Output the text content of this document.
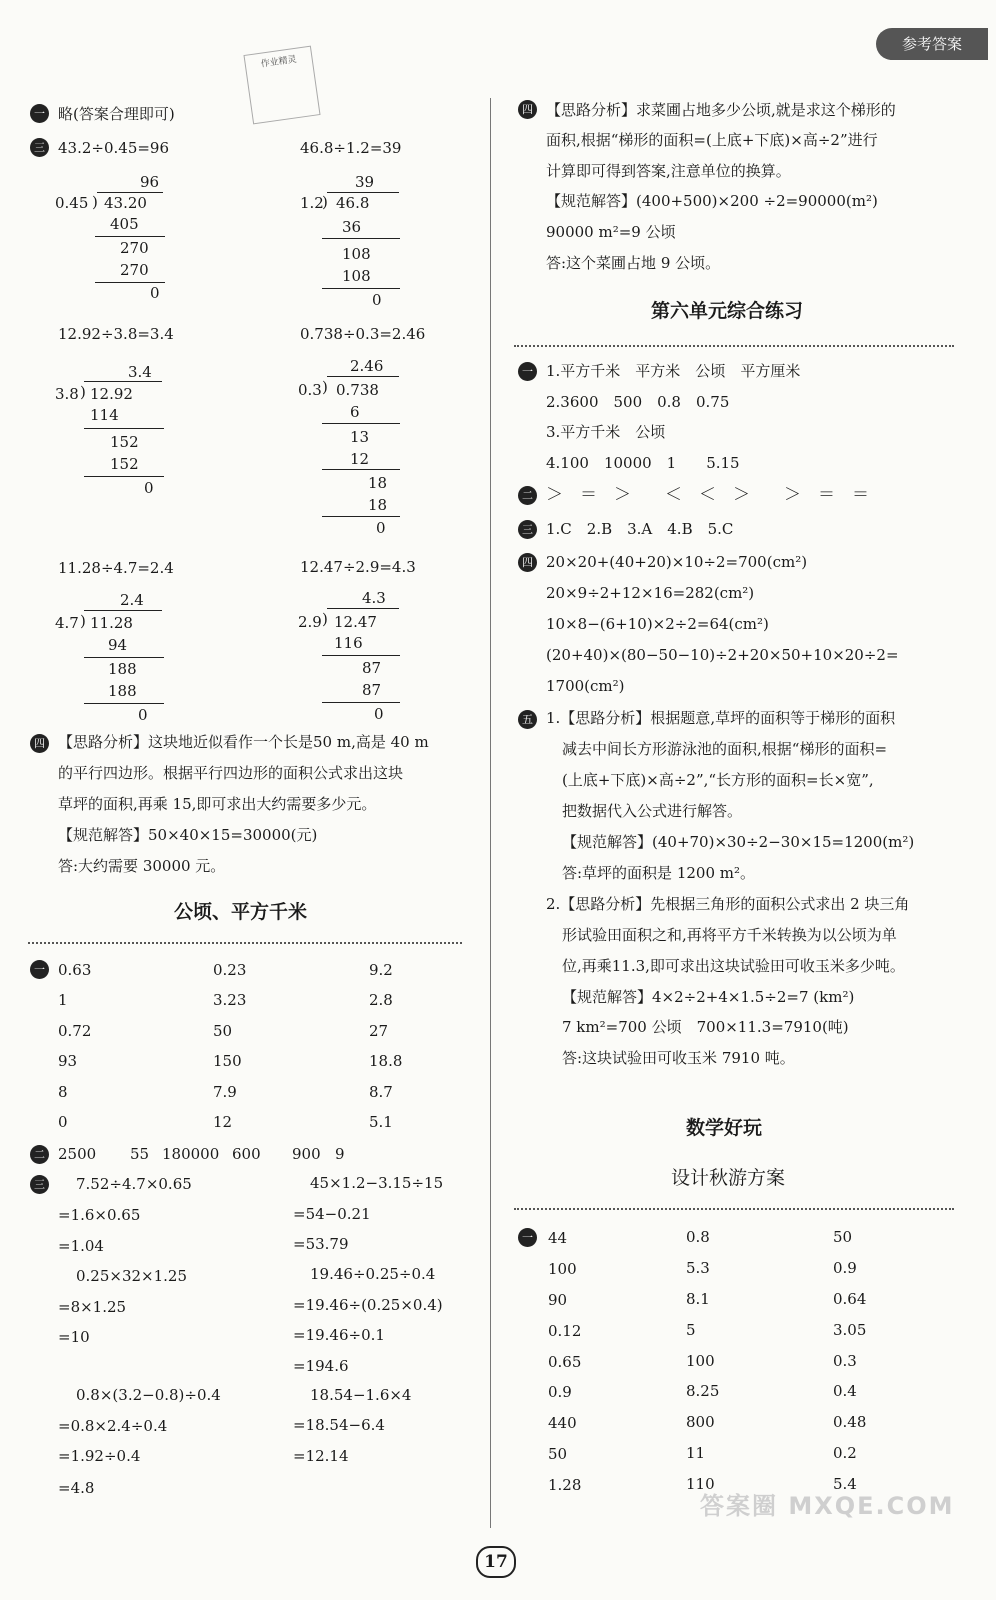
参考答案
作业精灵
一 略(答案合理即可)
三 43.2÷0.45=96	46.8÷1.2=39
96
0.45 ) 43.20
405
270
270
0
39
1.2
) 46.8
36
108
108
0
12.92÷3.8=3.4	0.738÷0.3=2.46
3.4
3.8 ) 12.92
114
152
152
0
2.46
0.3 ) 0.738
6
13
12
18
18
0
11.28÷4.7=2.4	12.47÷2.9=4.3
2.4
4.7 ) 11.28
94
188
188
0
4.3
2.9 ) 12.47
116
87
87
0
四 【思路分析】这块地近似看作一个长是50 m,高是 40 m
的平行四边形。根据平行四边形的面积公式求出这块
草坪的面积,再乘 15,即可求出大约需要多少元。
【规范解答】50×40×15=30000(元)
答:大约需要 30000 元。
公顷、平方千米
一 0.63	0.23	9.2
1	3.23	2.8
0.72	50	27
93	150	18.8
8	7.9	8.7
0	12	5.1
二 2500 55 180000 600 900 9
三 7.52÷4.7×0.65
=1.6×0.65
=1.04
0.25×32×1.25
=8×1.25
=10
0.8×(3.2−0.8)÷0.4
=0.8×2.4÷0.4
=1.92÷0.4
=4.8
45×1.2−3.15÷15
=54−0.21
=53.79
19.46÷0.25÷0.4
=19.46÷(0.25×0.4)
=19.46÷0.1
=194.6
18.54−1.6×4
=18.54−6.4
=12.14
四 【思路分析】求菜圃占地多少公顷,就是求这个梯形的
面积,根据“梯形的面积=(上底+下底)×高÷2”进行
计算即可得到答案,注意单位的换算。
【规范解答】(400+500)×200 ÷2=90000(m²)
90000 m²=9 公顷
答:这个菜圃占地 9 公顷。
第六单元综合练习
一 1.平方千米　平方米　公顷　平方厘米
2.3600　500　0.8　0.75
3.平方千米　公顷
4.100　10000　1　　5.15
二 ＞　＝　＞　　＜　＜　＞　　＞　＝　＝
三 1.C　2.B　3.A　4.B　5.C
四 20×20+(40+20)×10÷2=700(cm²)
20×9÷2+12×16=282(cm²)
10×8−(6+10)×2÷2=64(cm²)
(20+40)×(80−50−10)÷2+20×50+10×20÷2=
1700(cm²)
五 1.【思路分析】根据题意,草坪的面积等于梯形的面积
减去中间长方形游泳池的面积,根据“梯形的面积=
(上底+下底)×高÷2”,“长方形的面积=长×宽”,
把数据代入公式进行解答。
【规范解答】(40+70)×30÷2−30×15=1200(m²)
答:草坪的面积是 1200 m²。
2.【思路分析】先根据三角形的面积公式求出 2 块三角
形试验田面积之和,再将平方千米转换为以公顷为单
位,再乘11.3,即可求出这块试验田可收玉米多少吨。
【规范解答】4×2÷2+4×1.5÷2=7 (km²)
7 km²=700 公顷　700×11.3=7910(吨)
答:这块试验田可收玉米 7910 吨。
数学好玩
设计秋游方案
一 44	0.8	50
100	5.3	0.9
90	8.1	0.64
0.12	5	3.05
0.65	100	0.3
0.9	8.25	0.4
440	800	0.48
50	11	0.2
1.28	110	5.4
17
答案圈 MXQE.COM
